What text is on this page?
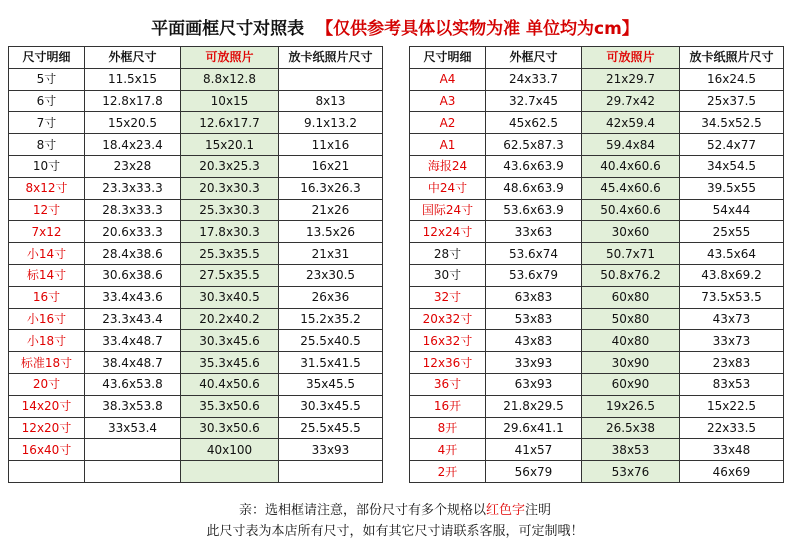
平面画框尺寸对照表 【仅供参考具体以实物为准 单位均为cm】
尺寸明细	外框尺寸	可放照片	放卡纸照片尺寸
5寸	11.5x15	8.8x12.8	
6寸	12.8x17.8	10x15	8x13
7寸	15x20.5	12.6x17.7	9.1x13.2
8寸	18.4x23.4	15x20.1	11x16
10寸	23x28	20.3x25.3	16x21
8x12寸	23.3x33.3	20.3x30.3	16.3x26.3
12寸	28.3x33.3	25.3x30.3	21x26
7x12	20.6x33.3	17.8x30.3	13.5x26
小14寸	28.4x38.6	25.3x35.5	21x31
标14寸	30.6x38.6	27.5x35.5	23x30.5
16寸	33.4x43.6	30.3x40.5	26x36
小16寸	23.3x43.4	20.2x40.2	15.2x35.2
小18寸	33.4x48.7	30.3x45.6	25.5x40.5
标准18寸	38.4x48.7	35.3x45.6	31.5x41.5
20寸	43.6x53.8	40.4x50.6	35x45.5
14x20寸	38.3x53.8	35.3x50.6	30.3x45.5
12x20寸	33x53.4	30.3x50.6	25.5x45.5
16x40寸		40x100	33x93

尺寸明细	外框尺寸	可放照片	放卡纸照片尺寸
A4	24x33.7	21x29.7	16x24.5
A3	32.7x45	29.7x42	25x37.5
A2	45x62.5	42x59.4	34.5x52.5
A1	62.5x87.3	59.4x84	52.4x77
海报24	43.6x63.9	40.4x60.6	34x54.5
中24寸	48.6x63.9	45.4x60.6	39.5x55
国际24寸	53.6x63.9	50.4x60.6	54x44
12x24寸	33x63	30x60	25x55
28寸	53.6x74	50.7x71	43.5x64
30寸	53.6x79	50.8x76.2	43.8x69.2
32寸	63x83	60x80	73.5x53.5
20x32寸	53x83	50x80	43x73
16x32寸	43x83	40x80	33x73
12x36寸	33x93	30x90	23x83
36寸	63x93	60x90	83x53
16开	21.8x29.5	19x26.5	15x22.5
8开	29.6x41.1	26.5x38	22x33.5
4开	41x57	38x53	33x48
2开	56x79	53x76	46x69
亲：选相框请注意，部份尺寸有多个规格以红色字注明
此尺寸表为本店所有尺寸，如有其它尺寸请联系客服，可定制哦！
